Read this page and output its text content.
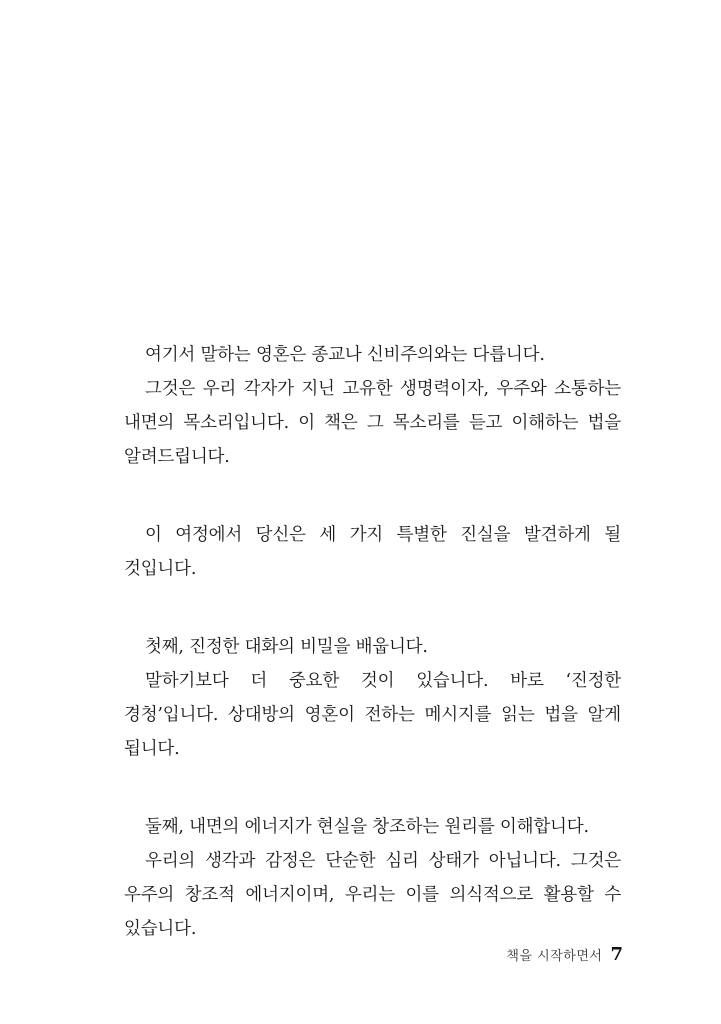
여기서 말하는 영혼은 종교나 신비주의와는 다릅니다.

그것은 우리 각자가 지닌 고유한 생명력이자, 우주와 소통하는 내면의 목소리입니다. 이 책은 그 목소리를 듣고 이해하는 법을 알려드립니다.

이 여정에서 당신은 세 가지 특별한 진실을 발견하게 될 것입니다.

첫째, 진정한 대화의 비밀을 배웁니다.

말하기보다 더 중요한 것이 있습니다. 바로 ‘진정한 경청’입니다. 상대방의 영혼이 전하는 메시지를 읽는 법을 알게 됩니다.

둘째, 내면의 에너지가 현실을 창조하는 원리를 이해합니다.

우리의 생각과 감정은 단순한 심리 상태가 아닙니다. 그것은 우주의 창조적 에너지이며, 우리는 이를 의식적으로 활용할 수 있습니다.

책을 시작하면서 7
